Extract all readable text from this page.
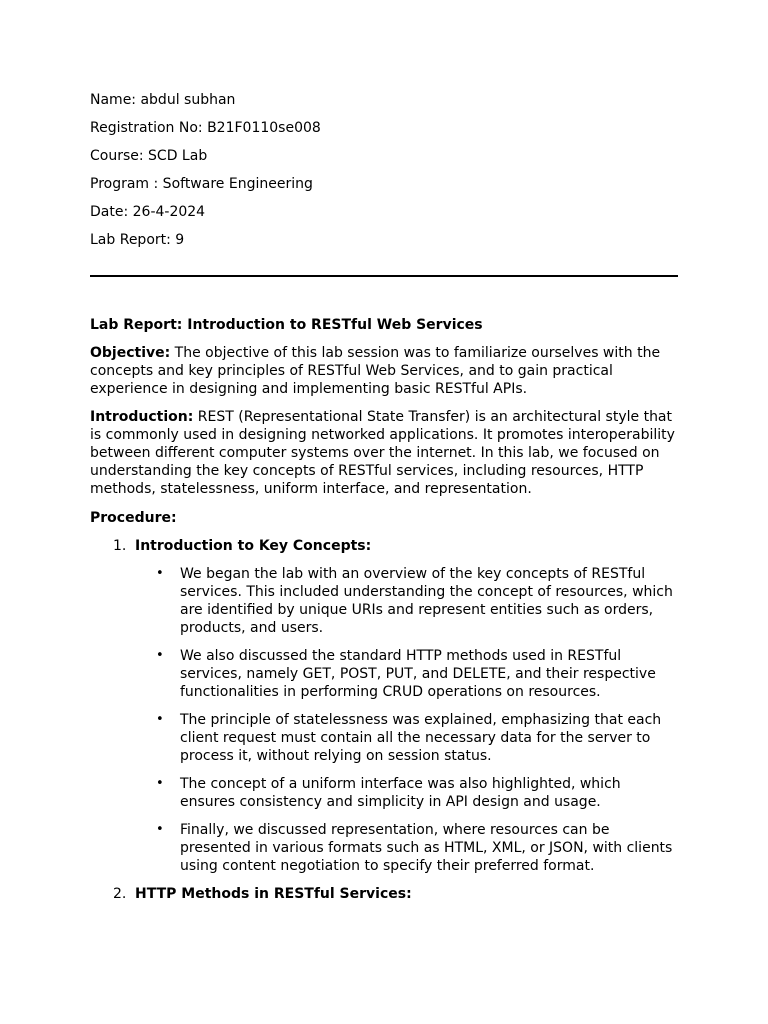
Name: abdul subhan
Registration No: B21F0110se008
Course: SCD Lab
Program : Software Engineering
Date: 26-4-2024
Lab Report: 9
Lab Report: Introduction to RESTful Web Services

Objective: The objective of this lab session was to familiarize ourselves with the concepts and key principles of RESTful Web Services, and to gain practical experience in designing and implementing basic RESTful APIs.

Introduction: REST (Representational State Transfer) is an architectural style that is commonly used in designing networked applications. It promotes interoperability between different computer systems over the internet. In this lab, we focused on understanding the key concepts of RESTful services, including resources, HTTP methods, statelessness, uniform interface, and representation.

Procedure:
1. Introduction to Key Concepts:
• We began the lab with an overview of the key concepts of RESTful services. This included understanding the concept of resources, which are identified by unique URIs and represent entities such as orders, products, and users.
• We also discussed the standard HTTP methods used in RESTful services, namely GET, POST, PUT, and DELETE, and their respective functionalities in performing CRUD operations on resources.
• The principle of statelessness was explained, emphasizing that each client request must contain all the necessary data for the server to process it, without relying on session status.
• The concept of a uniform interface was also highlighted, which ensures consistency and simplicity in API design and usage.
• Finally, we discussed representation, where resources can be presented in various formats such as HTML, XML, or JSON, with clients using content negotiation to specify their preferred format.
2. HTTP Methods in RESTful Services:
